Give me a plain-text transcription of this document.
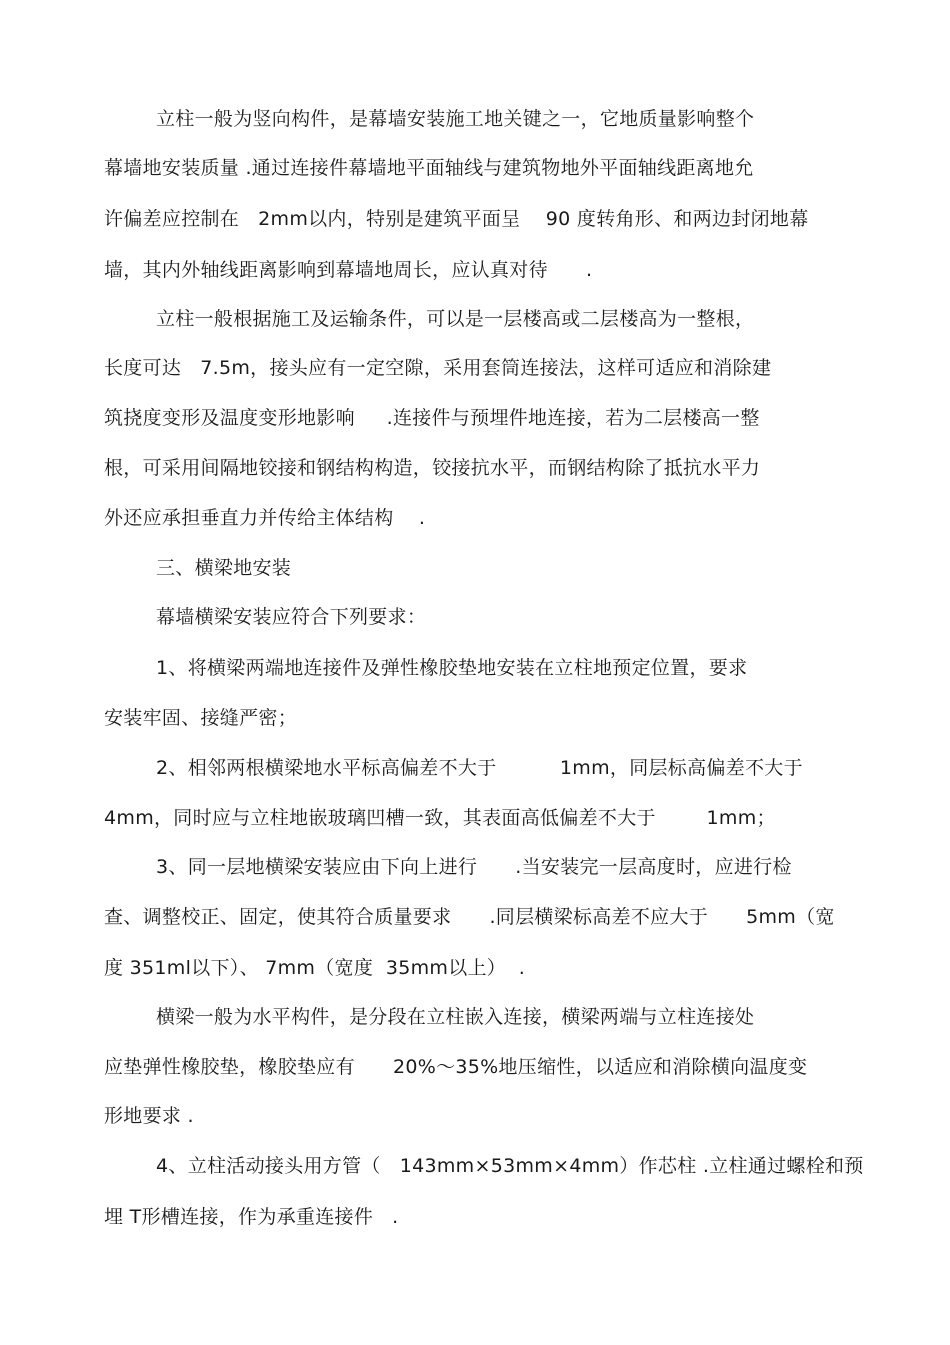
立柱一般为竖向构件，是幕墙安装施工地关键之一，它地质量影响整个

幕墙地安装质量 .通过连接件幕墙地平面轴线与建筑物地外平面轴线距离地允

许偏差应控制在   2mm以内，特别是建筑平面呈    90 度转角形、和两边封闭地幕

墙，其内外轴线距离影响到幕墙地周长，应认真对待      .

立柱一般根据施工及运输条件，可以是一层楼高或二层楼高为一整根，

长度可达   7.5m，接头应有一定空隙，采用套筒连接法，这样可适应和消除建

筑挠度变形及温度变形地影响     .连接件与预埋件地连接，若为二层楼高一整

根，可采用间隔地铰接和钢结构构造，铰接抗水平，而钢结构除了抵抗水平力

外还应承担垂直力并传给主体结构    .

三、横梁地安装

幕墙横梁安装应符合下列要求：

1、将横梁两端地连接件及弹性橡胶垫地安装在立柱地预定位置，要求

安装牢固、接缝严密；

2、相邻两根横梁地水平标高偏差不大于          1mm，同层标高偏差不大于

4mm，同时应与立柱地嵌玻璃凹槽一致，其表面高低偏差不大于        1mm；

3、同一层地横梁安装应由下向上进行      .当安装完一层高度时，应进行检

查、调整校正、固定，使其符合质量要求      .同层横梁标高差不应大于      5mm（宽

度 351ml以下）、 7mm（宽度  35mm以上）  .

横梁一般为水平构件，是分段在立柱嵌入连接，横梁两端与立柱连接处

应垫弹性橡胶垫，橡胶垫应有      20%～35%地压缩性，以适应和消除横向温度变

形地要求 .

4、立柱活动接头用方管（   143mm×53mm×4mm）作芯柱 .立柱通过螺栓和预

埋 T形槽连接，作为承重连接件   .
